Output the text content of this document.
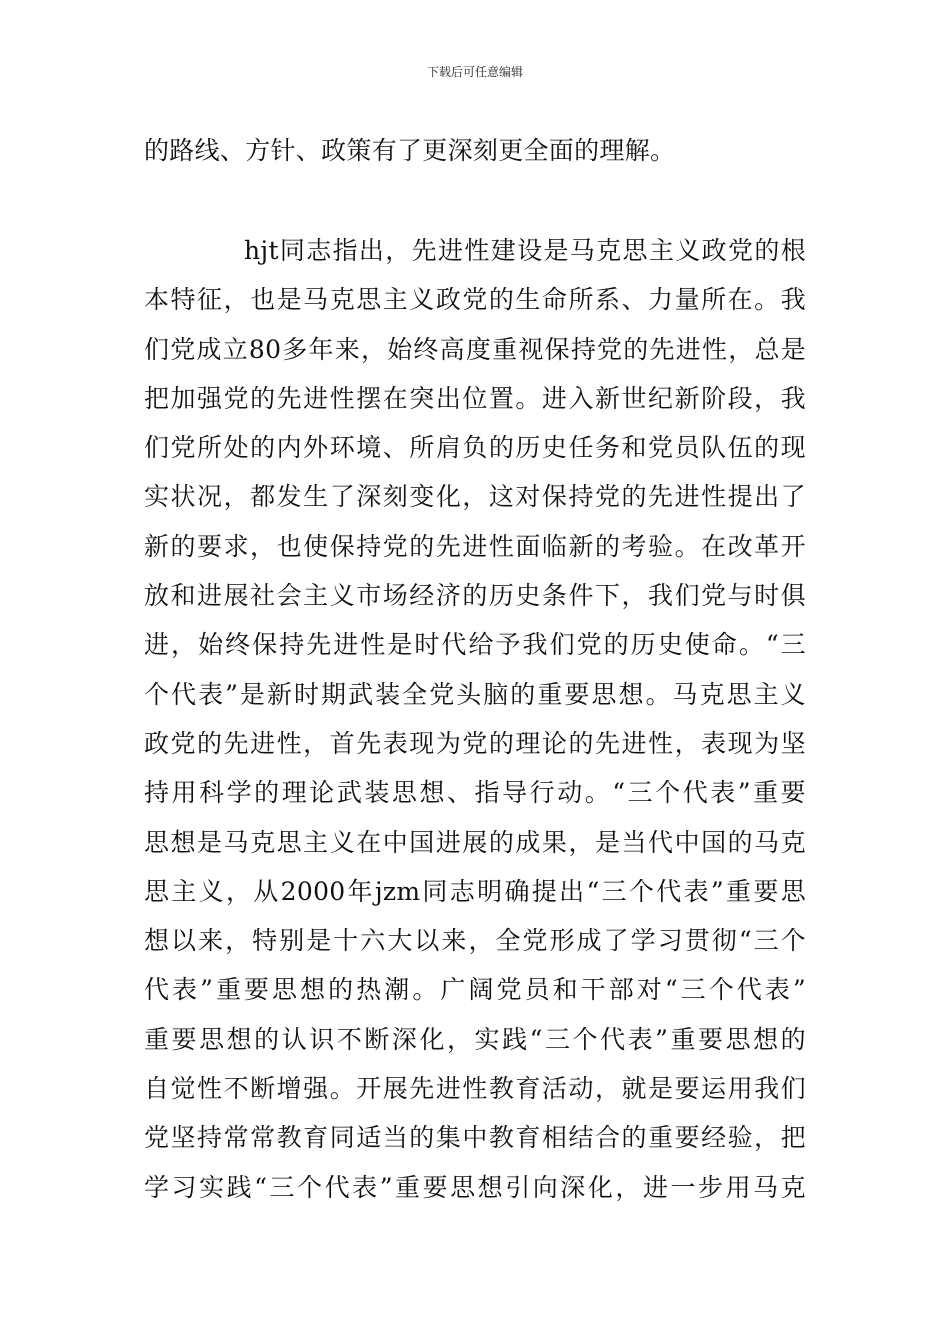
下载后可任意编辑
的路线、方针、政策有了更深刻更全面的理解。
hjt同志指出，先进性建设是马克思主义政党的根
本特征，也是马克思主义政党的生命所系、力量所在。我
们党成立80多年来，始终高度重视保持党的先进性，总是
把加强党的先进性摆在突出位置。进入新世纪新阶段，我
们党所处的内外环境、所肩负的历史任务和党员队伍的现
实状况，都发生了深刻变化，这对保持党的先进性提出了
新的要求，也使保持党的先进性面临新的考验。在改革开
放和进展社会主义市场经济的历史条件下，我们党与时俱
进，始终保持先进性是时代给予我们党的历史使命。“三
个代表”是新时期武装全党头脑的重要思想。马克思主义
政党的先进性，首先表现为党的理论的先进性，表现为坚
持用科学的理论武装思想、指导行动。“三个代表”重要
思想是马克思主义在中国进展的成果，是当代中国的马克
思主义，从2000年jzm同志明确提出“三个代表”重要思
想以来，特别是十六大以来，全党形成了学习贯彻“三个
代表”重要思想的热潮。广阔党员和干部对“三个代表”
重要思想的认识不断深化，实践“三个代表”重要思想的
自觉性不断增强。开展先进性教育活动，就是要运用我们
党坚持常常教育同适当的集中教育相结合的重要经验，把
学习实践“三个代表”重要思想引向深化，进一步用马克
